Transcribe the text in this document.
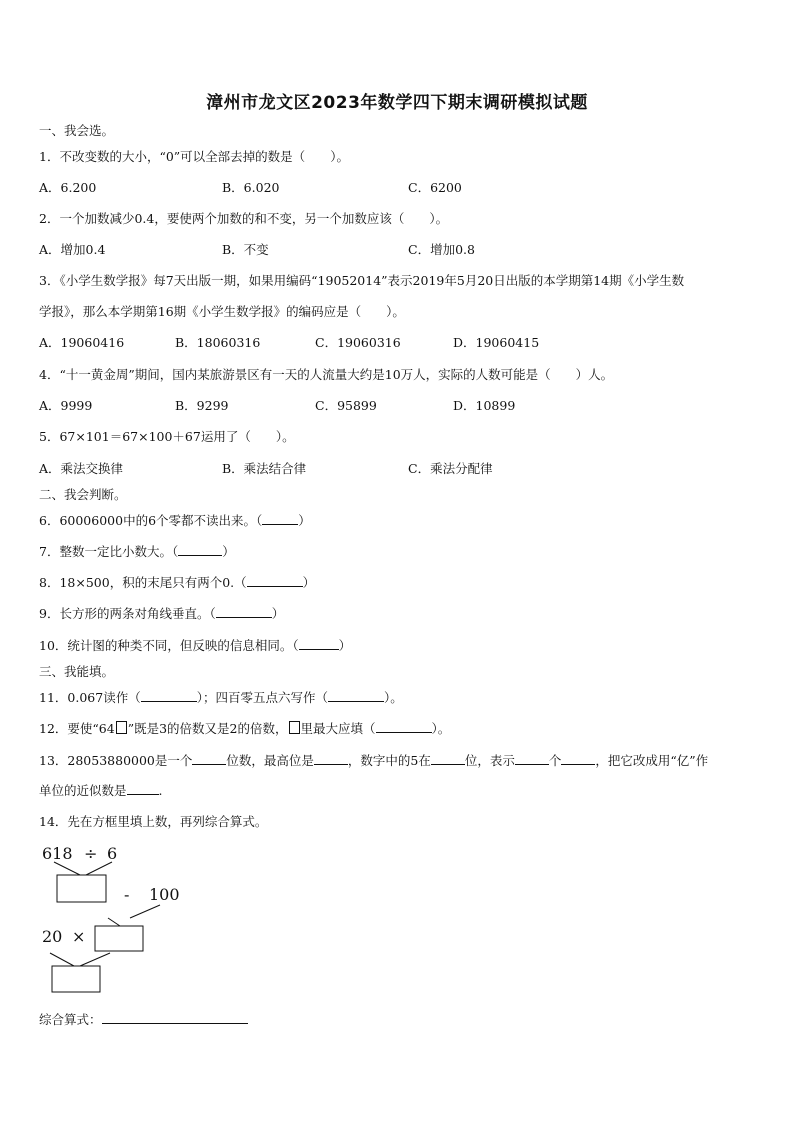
漳州市龙文区2023年数学四下期末调研模拟试题
一、我会选。
1．不改变数的大小，“0”可以全部去掉的数是（　　）。
A．6.200	B．6.020	C．6200
2．一个加数减少0.4，要使两个加数的和不变，另一个加数应该（　　）。
A．增加0.4	B．不变	C．增加0.8
3．《小学生数学报》每7天出版一期，如果用编码“19052014”表示2019年5月20日出版的本学期第14期《小学生数
学报》，那么本学期第16期《小学生数学报》的编码应是（　　）。
A．19060416	B．18060316	C．19060316	D．19060415
4．“十一黄金周”期间，国内某旅游景区有一天的人流量大约是10万人，实际的人数可能是（　　）人。
A．9999	B．9299	C．95899	D．10899
5．67×101＝67×100＋67运用了（　　）。
A．乘法交换律	B．乘法结合律	C．乘法分配律
二、我会判断。
6．60006000中的6个零都不读出来。（	）
7．整数一定比小数大。（	）
8．18×500，积的末尾只有两个0.（	）
9．长方形的两条对角线垂直。（	）
10．统计图的种类不同，但反映的信息相同。（	）
三、我能填。
11．0.067读作（	）；四百零五点六写作（	）。
12．要使“64 ”既是3的倍数又是2的倍数， 里最大应填（	）。
13．28053880000是一个	位数，最高位是	，数字中的5在	位，表示	个	，把它改成用“亿”作
单位的近似数是	.
14．先在方框里填上数，再列综合算式。
618 ÷ 6
- 100
20 ×
综合算式：
